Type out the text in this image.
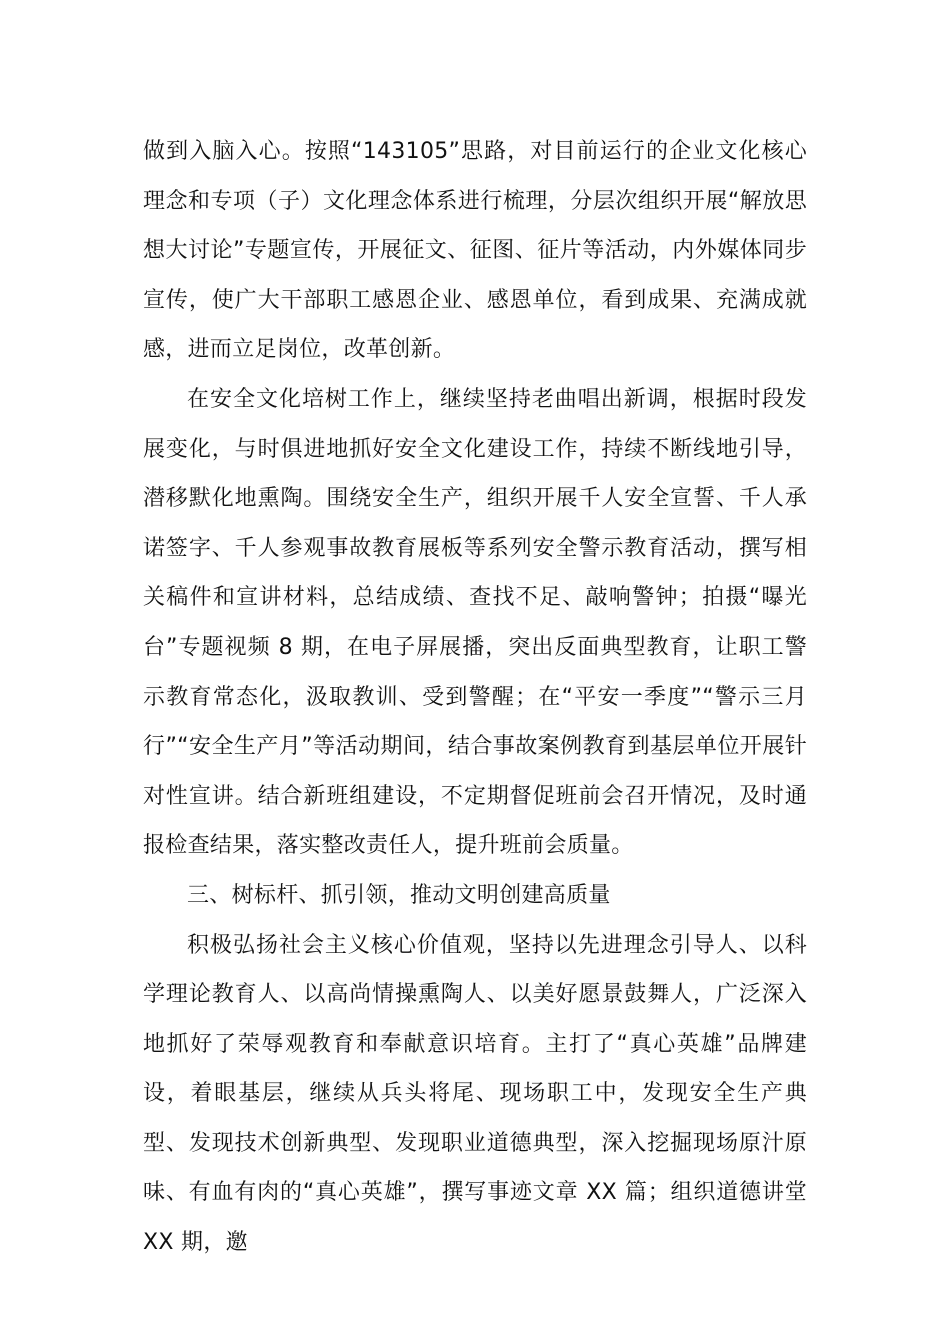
做到入脑入心。按照“143105”思路，对目前运行的企业文化核心理念和专项（子）文化理念体系进行梳理，分层次组织开展“解放思想大讨论”专题宣传，开展征文、征图、征片等活动，内外媒体同步宣传，使广大干部职工感恩企业、感恩单位，看到成果、充满成就感，进而立足岗位，改革创新。

在安全文化培树工作上，继续坚持老曲唱出新调，根据时段发展变化，与时俱进地抓好安全文化建设工作，持续不断线地引导，潜移默化地熏陶。围绕安全生产，组织开展千人安全宣誓、千人承诺签字、千人参观事故教育展板等系列安全警示教育活动，撰写相关稿件和宣讲材料，总结成绩、查找不足、敲响警钟；拍摄“曝光台”专题视频 8 期，在电子屏展播，突出反面典型教育，让职工警示教育常态化，汲取教训、受到警醒；在“平安一季度”“警示三月行”“安全生产月”等活动期间，结合事故案例教育到基层单位开展针对性宣讲。结合新班组建设，不定期督促班前会召开情况，及时通报检查结果，落实整改责任人，提升班前会质量。

三、树标杆、抓引领，推动文明创建高质量

积极弘扬社会主义核心价值观，坚持以先进理念引导人、以科学理论教育人、以高尚情操熏陶人、以美好愿景鼓舞人，广泛深入地抓好了荣辱观教育和奉献意识培育。主打了“真心英雄”品牌建设，着眼基层，继续从兵头将尾、现场职工中，发现安全生产典型、发现技术创新典型、发现职业道德典型，深入挖掘现场原汁原味、有血有肉的“真心英雄”，撰写事迹文章 XX 篇；组织道德讲堂 XX 期，邀
